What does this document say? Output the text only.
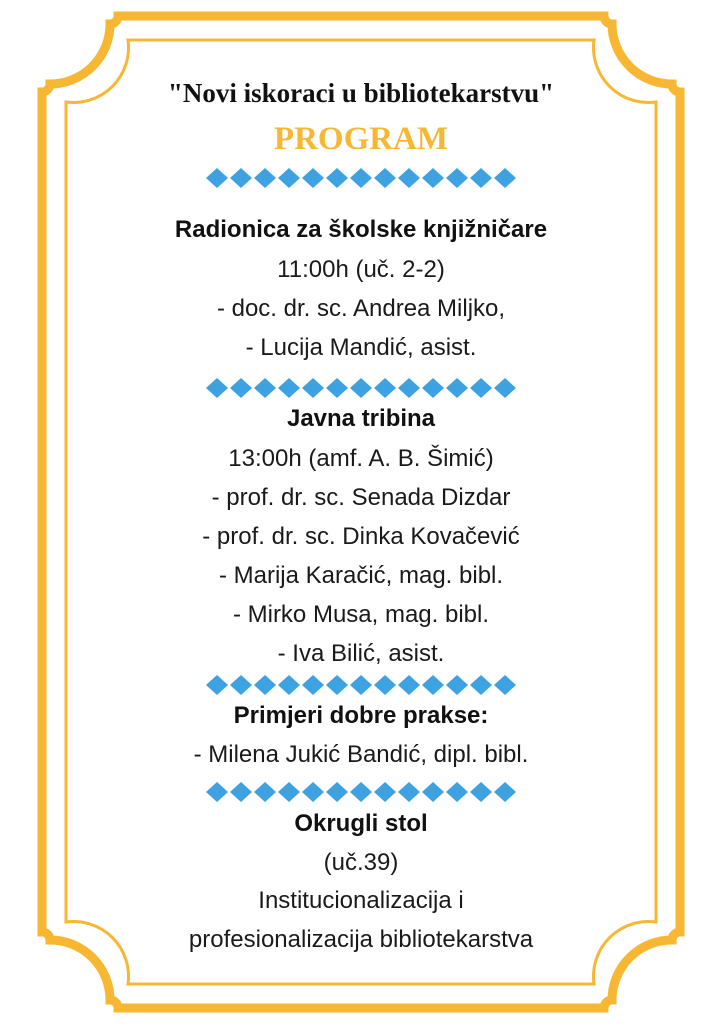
"Novi iskoraci u bibliotekarstvu"
PROGRAM
Radionica za školske knjižničare
11:00h (uč. 2-2)
- doc. dr. sc. Andrea Miljko,
- Lucija Mandić, asist.
Javna tribina
13:00h (amf. A. B. Šimić)
- prof. dr. sc. Senada Dizdar
- prof. dr. sc. Dinka Kovačević
- Marija Karačić, mag. bibl.
- Mirko Musa, mag. bibl.
- Iva Bilić, asist.
Primjeri dobre prakse:
- Milena Jukić Bandić, dipl. bibl.
Okrugli stol
(uč.39)
Institucionalizacija i
profesionalizacija bibliotekarstva
